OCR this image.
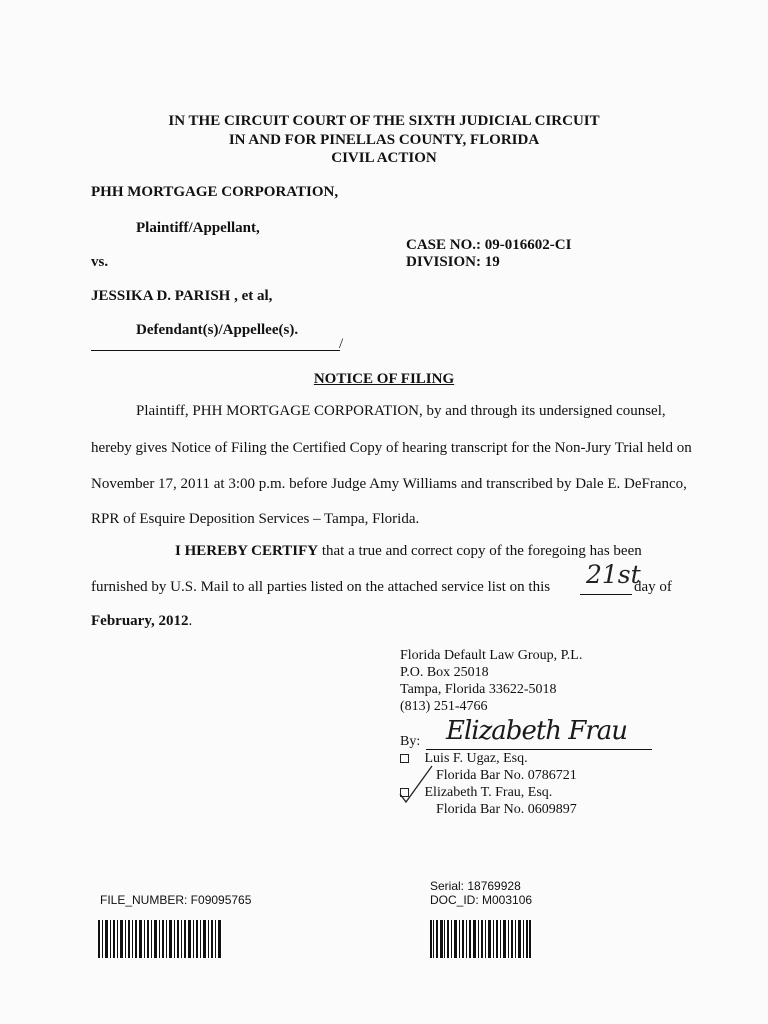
IN THE CIRCUIT COURT OF THE SIXTH JUDICIAL CIRCUIT
IN AND FOR PINELLAS COUNTY, FLORIDA
CIVIL ACTION
PHH MORTGAGE CORPORATION,
Plaintiff/Appellant,
CASE NO.: 09-016602-CI
vs.	DIVISION: 19
JESSIKA D. PARISH , et al,
Defendant(s)/Appellee(s).
/
NOTICE OF FILING
Plaintiff, PHH MORTGAGE CORPORATION, by and through its undersigned counsel,
hereby gives Notice of Filing the Certified Copy of hearing transcript for the Non-Jury Trial held on
November 17, 2011 at 3:00 p.m. before Judge Amy Williams and transcribed by Dale E. DeFranco,
RPR of Esquire Deposition Services – Tampa, Florida.
I HEREBY CERTIFY that a true and correct copy of the foregoing has been
furnished by U.S. Mail to all parties listed on the attached service list on this 21st
day of
February, 2012.
Florida Default Law Group, P.L.
P.O. Box 25018
Tampa, Florida 33622-5018
(813) 251-4766
By: Elizabeth Frau
Luis F. Ugaz, Esq.
Florida Bar No. 0786721
Elizabeth T. Frau, Esq.
Florida Bar No. 0609897
FILE_NUMBER: F09095765
Serial: 18769928
DOC_ID: M003106
